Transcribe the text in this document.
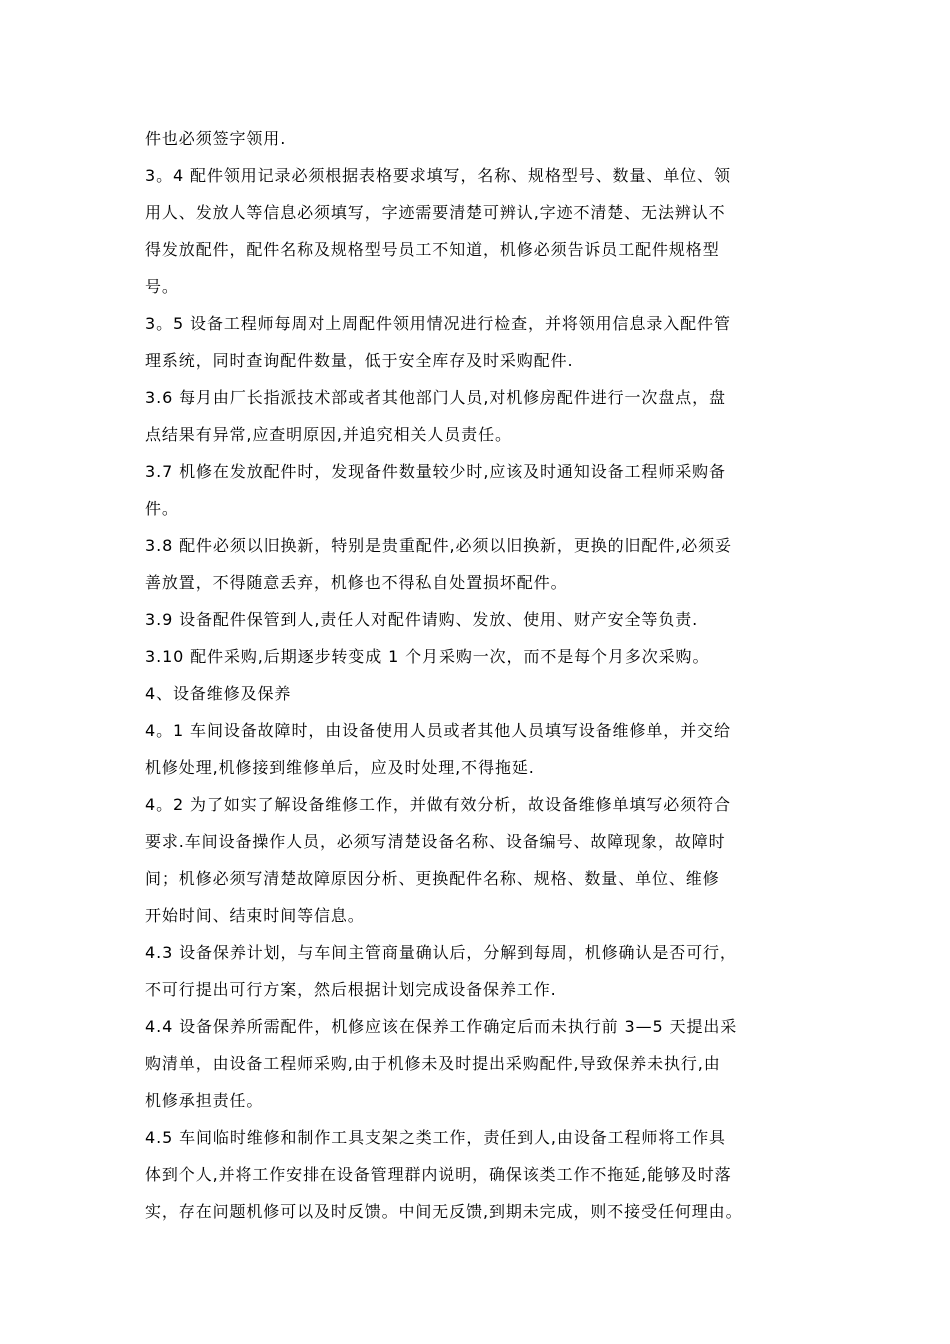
件也必须签字领用.
3。4 配件领用记录必须根据表格要求填写，名称、规格型号、数量、单位、领
用人、发放人等信息必须填写，字迹需要清楚可辨认,字迹不清楚、无法辨认不
得发放配件，配件名称及规格型号员工不知道，机修必须告诉员工配件规格型
号。
3。5 设备工程师每周对上周配件领用情况进行检查，并将领用信息录入配件管
理系统，同时查询配件数量，低于安全库存及时采购配件.
3.6 每月由厂长指派技术部或者其他部门人员,对机修房配件进行一次盘点，盘
点结果有异常,应查明原因,并追究相关人员责任。
3.7 机修在发放配件时，发现备件数量较少时,应该及时通知设备工程师采购备
件。
3.8 配件必须以旧换新，特别是贵重配件,必须以旧换新，更换的旧配件,必须妥
善放置，不得随意丢弃，机修也不得私自处置损坏配件。
3.9 设备配件保管到人,责任人对配件请购、发放、使用、财产安全等负责.
3.10 配件采购,后期逐步转变成 1 个月采购一次，而不是每个月多次采购。
4、设备维修及保养
4。1 车间设备故障时，由设备使用人员或者其他人员填写设备维修单，并交给
机修处理,机修接到维修单后，应及时处理,不得拖延.
4。2 为了如实了解设备维修工作，并做有效分析，故设备维修单填写必须符合
要求.车间设备操作人员，必须写清楚设备名称、设备编号、故障现象，故障时
间；机修必须写清楚故障原因分析、更换配件名称、规格、数量、单位、维修
开始时间、结束时间等信息。
4.3 设备保养计划，与车间主管商量确认后，分解到每周，机修确认是否可行，
不可行提出可行方案，然后根据计划完成设备保养工作.
4.4 设备保养所需配件，机修应该在保养工作确定后而未执行前 3—5 天提出采
购清单，由设备工程师采购,由于机修未及时提出采购配件,导致保养未执行,由
机修承担责任。
4.5 车间临时维修和制作工具支架之类工作，责任到人,由设备工程师将工作具
体到个人,并将工作安排在设备管理群内说明，确保该类工作不拖延,能够及时落
实，存在问题机修可以及时反馈。中间无反馈,到期未完成，则不接受任何理由。
